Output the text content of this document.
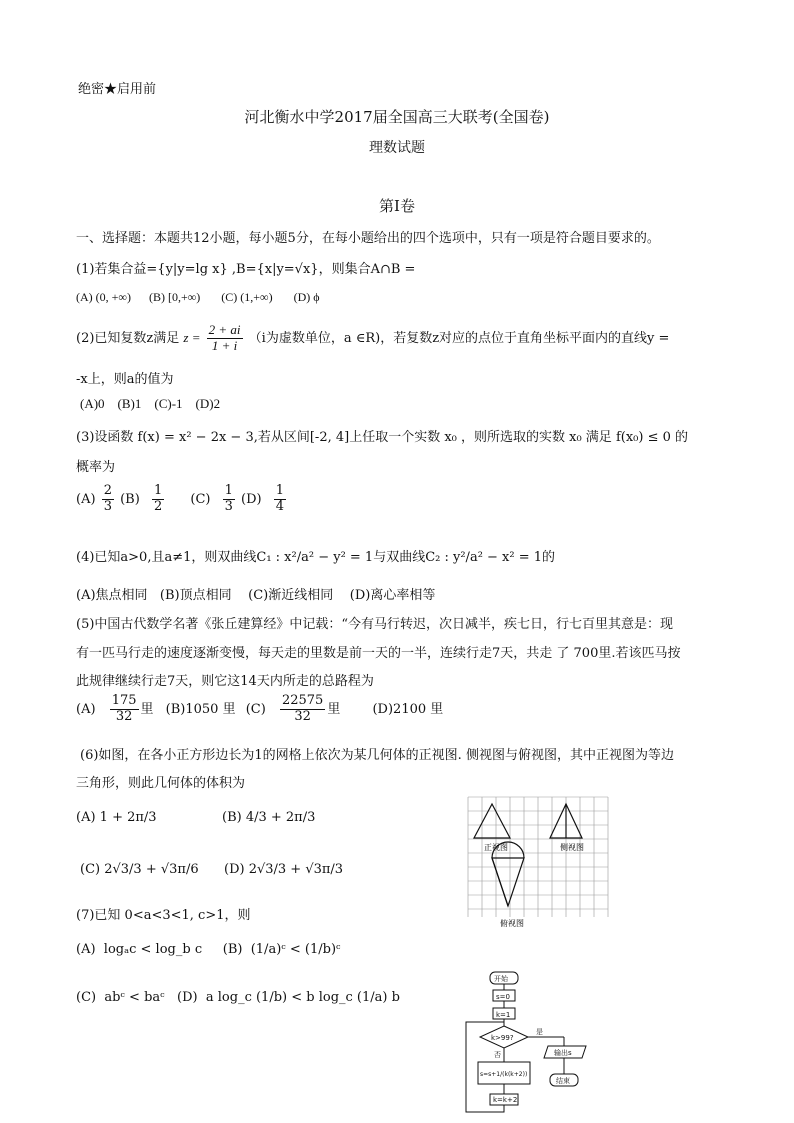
绝密★启用前
河北衡水中学2017届全国高三大联考(全国卷)
理数试题
第I卷
一、选择题：本题共12小题，每小题5分，在每小题给出的四个选项中，只有一项是符合题目要求的。
(1)若集合益={y|y=lg x} ,B={x|y=√x}，则集合A∩B =
(A) (0, +∞)      (B) [0,+∞)       (C) (1,+∞)       (D) ϕ
(2)已知复数z满足 $z = \frac{2 + ai}{1 + i} (i$为虚数单位，a ∈R)，若复数z对应的点位于直角坐标平面内的直线y =
-x上，则a的值为
(A)0    (B)1    (C)-1    (D)2
(3)设函数 f(x) = x² − 2x − 3,若从区间[-2, 4]上任取一个实数 x₀ ，则所选取的实数 x₀ 满足 f(x₀) ≤ 0 的
概率为
$(A) \frac{2}{3} (B) \frac{1}{2} (C) \frac{1}{3} (D) \frac{1}{4}$
(4)已知a>0,且a≠1，则双曲线C₁ : x²/a² − y² = 1与双曲线C₂ : y²/a² − x² = 1的
(A)焦点相同   (B)顶点相同    (C)渐近线相同    (D)离心率相等
(5)中国古代数学名著《张丘建算经》中记载：“今有马行转迟，次日减半，疾七日，行七百里其意是：现
有一匹马行走的速度逐渐变慢，每天走的里数是前一天的一半，连续行走7天，共走 了 700里.若该匹马按
此规律继续行走7天，则它这14天内所走的总路程为
$(A) \frac{175}{32}$ 里 (B)1050 里 $(C) \frac{22575}{32}$ 里 (D)2100 里
(6)如图，在各小正方形边长为1的网格上依次为某几何体的正视图. 侧视图与俯视图，其中正视图为等边
三角形，则此几何体的体积为
(A) 1 + 2π/3	(B) 4/3 + 2π/3
(C) 2√3/3 + √3π/6 (D) 2√3/3 + √3π/3
(7)已知 0<a<3<1, c>1，则
(A)  logₐc < log_b c     (B)  (1/a)ᶜ < (1/b)ᶜ
(C)  abᶜ < baᶜ   (D)  a log_c (1/b) < b log_c (1/a) b
正视图	侧视图
俯视图
开始
s=0
k=1
k>99?
是
否	输出s
结束
s=s+1/(k(k+2))
k=k+2
